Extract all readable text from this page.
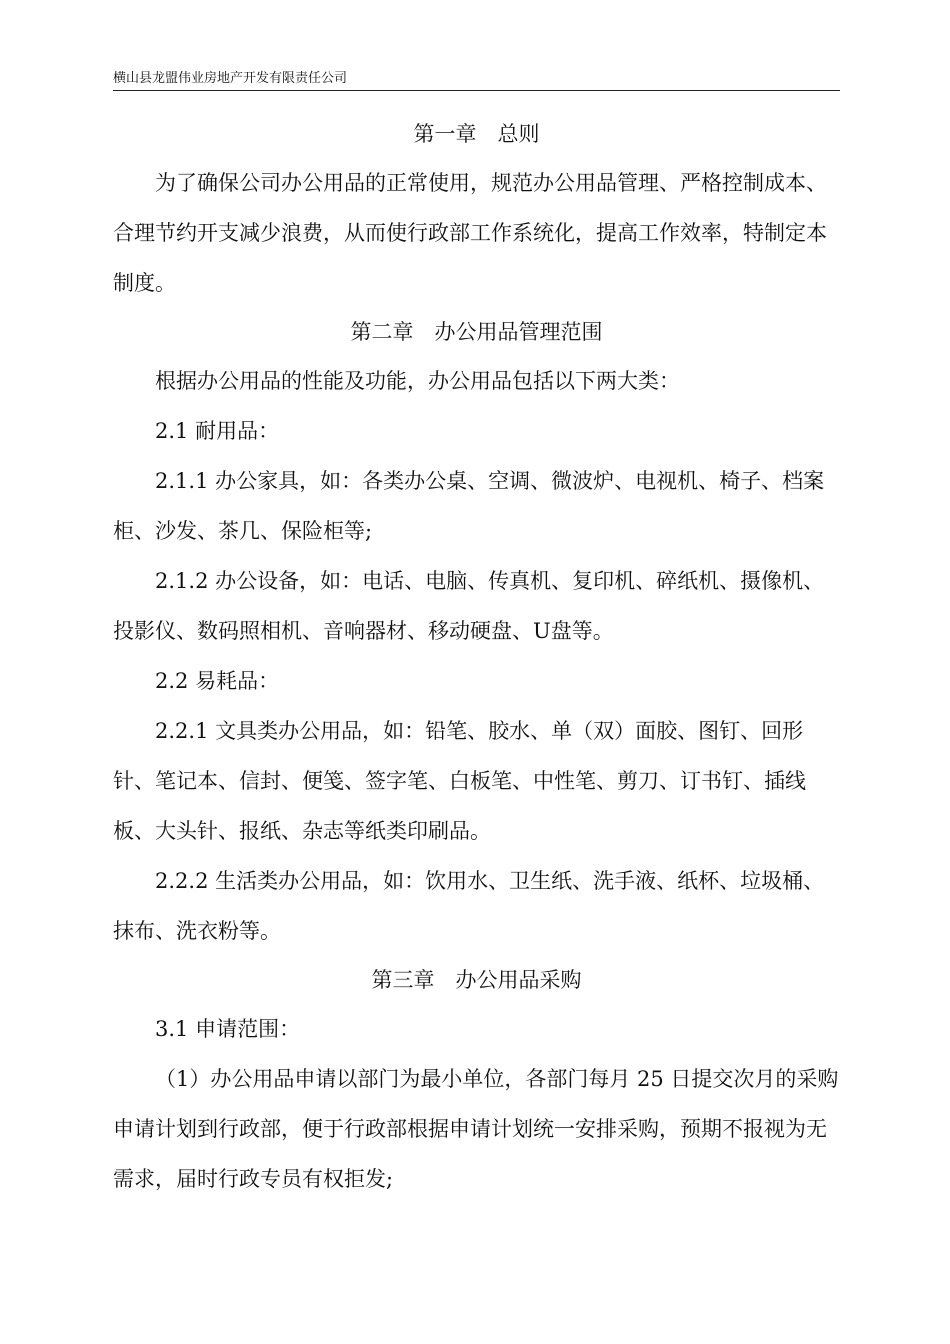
横山县龙盟伟业房地产开发有限责任公司
第一章　总则

为了确保公司办公用品的正常使用，规范办公用品管理、严格控制成本、合理节约开支减少浪费，从而使行政部工作系统化，提高工作效率，特制定本制度。

第二章　办公用品管理范围

根据办公用品的性能及功能，办公用品包括以下两大类：

2.1 耐用品：

2.1.1 办公家具，如：各类办公桌、空调、微波炉、电视机、椅子、档案柜、沙发、茶几、保险柜等;

2.1.2 办公设备，如：电话、电脑、传真机、复印机、碎纸机、摄像机、投影仪、数码照相机、音响器材、移动硬盘、U盘等。

2.2 易耗品：

2.2.1 文具类办公用品，如：铅笔、胶水、单（双）面胶、图钉、回形针、笔记本、信封、便笺、签字笔、白板笔、中性笔、剪刀、订书钉、插线板、大头针、报纸、杂志等纸类印刷品。

2.2.2 生活类办公用品，如：饮用水、卫生纸、洗手液、纸杯、垃圾桶、抹布、洗衣粉等。

第三章　办公用品采购

3.1 申请范围：

（1）办公用品申请以部门为最小单位，各部门每月 25 日提交次月的采购申请计划到行政部，便于行政部根据申请计划统一安排采购，预期不报视为无需求，届时行政专员有权拒发;
